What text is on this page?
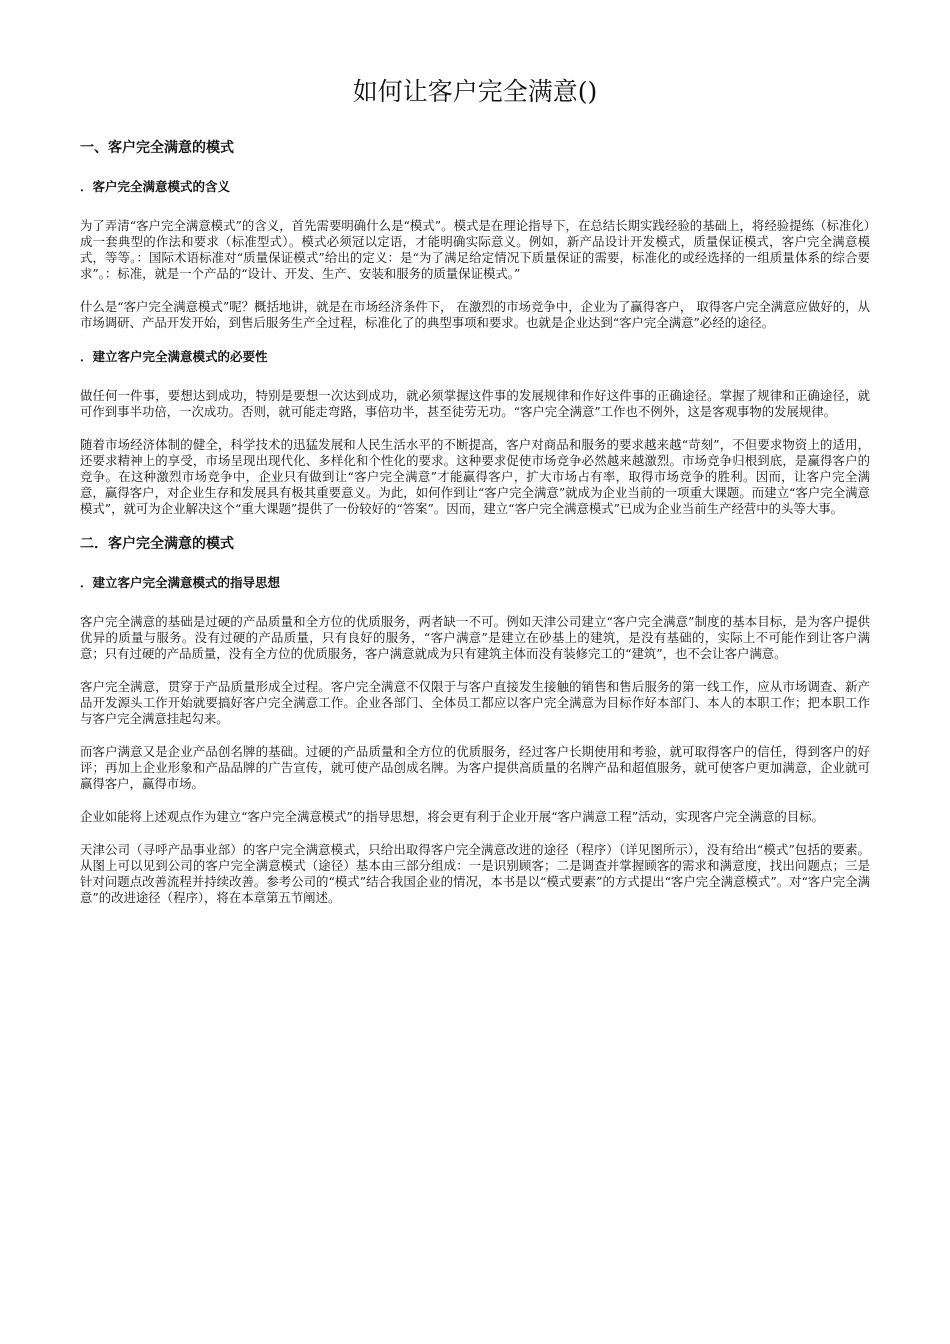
如何让客户完全满意()
一、客户完全满意的模式
．客户完全满意模式的含义

为了弄清“客户完全满意模式”的含义，首先需要明确什么是“模式”。模式是在理论指导下，在总结长期实践经验的基础上，将经验提练（标准化）成一套典型的作法和要求（标准型式）。模式必须冠以定语，才能明确实际意义。例如，新产品设计开发模式，质量保证模式，客户完全满意模式，等等。：国际术语标准对“质量保证模式”给出的定义：是“为了满足给定情况下质量保证的需要，标准化的或经选择的一组质量体系的综合要求”。：标准，就是一个产品的“设计、开发、生产、安装和服务的质量保证模式。”

什么是“客户完全满意模式”呢？概括地讲，就是在市场经济条件下， 在激烈的市场竞争中，企业为了赢得客户， 取得客户完全满意应做好的，从市场调研、产品开发开始，到售后服务生产全过程，标准化了的典型事项和要求。也就是企业达到“客户完全满意”必经的途径。

．建立客户完全满意模式的必要性

做任何一件事，要想达到成功，特别是要想一次达到成功，就必须掌握这件事的发展规律和作好这件事的正确途径。掌握了规律和正确途径，就可作到事半功倍，一次成功。否则，就可能走弯路，事倍功半，甚至徒劳无功。“客户完全满意”工作也不例外，这是客观事物的发展规律。

随着市场经济体制的健全，科学技术的迅猛发展和人民生活水平的不断提高，客户对商品和服务的要求越来越“苛刻”，不但要求物资上的适用，还要求精神上的享受，市场呈现出现代化、多样化和个性化的要求。这种要求促使市场竞争必然越来越激烈。市场竞争归根到底，是赢得客户的竞争。在这种激烈市场竞争中，企业只有做到让“客户完全满意”才能赢得客户，扩大市场占有率，取得市场竞争的胜利。因而，让客户完全满意，赢得客户，对企业生存和发展具有极其重要意义。为此，如何作到让“客户完全满意”就成为企业当前的一项重大课题。而建立“客户完全满意模式”，就可为企业解决这个“重大课题”提供了一份较好的“答案”。因而，建立“客户完全满意模式”已成为企业当前生产经营中的头等大事。

二．客户完全满意的模式
．建立客户完全满意模式的指导思想

客户完全满意的基础是过硬的产品质量和全方位的优质服务，两者缺一不可。例如天津公司建立“客户完全满意”制度的基本目标，是为客户提供优异的质量与服务。没有过硬的产品质量，只有良好的服务，“客户满意”是建立在砂基上的建筑，是没有基础的，实际上不可能作到让客户满意；只有过硬的产品质量，没有全方位的优质服务，客户满意就成为只有建筑主体而没有装修完工的“建筑”，也不会让客户满意。

客户完全满意，贯穿于产品质量形成全过程。客户完全满意不仅限于与客户直接发生接触的销售和售后服务的第一线工作，应从市场调查、新产品开发源头工作开始就要搞好客户完全满意工作。企业各部门、全体员工都应以客户完全满意为目标作好本部门、本人的本职工作；把本职工作与客户完全满意挂起勾来。

而客户满意又是企业产品创名牌的基础。过硬的产品质量和全方位的优质服务，经过客户长期使用和考验，就可取得客户的信任，得到客户的好评；再加上企业形象和产品品牌的广告宣传，就可使产品创成名牌。为客户提供高质量的名牌产品和超值服务，就可使客户更加满意，企业就可赢得客户，赢得市场。

企业如能将上述观点作为建立“客户完全满意模式”的指导思想，将会更有利于企业开展“客户满意工程”活动，实现客户完全满意的目标。

天津公司（寻呼产品事业部）的客户完全满意模式，只给出取得客户完全满意改进的途径（程序）（详见图所示），没有给出“模式”包括的要素。从图上可以见到公司的客户完全满意模式（途径）基本由三部分组成：一是识别顾客；二是调查并掌握顾客的需求和满意度，找出问题点；三是针对问题点改善流程并持续改善。参考公司的“模式”结合我国企业的情况，本书是以“模式要素”的方式提出“客户完全满意模式”。对“客户完全满意”的改进途径（程序），将在本章第五节阐述。
